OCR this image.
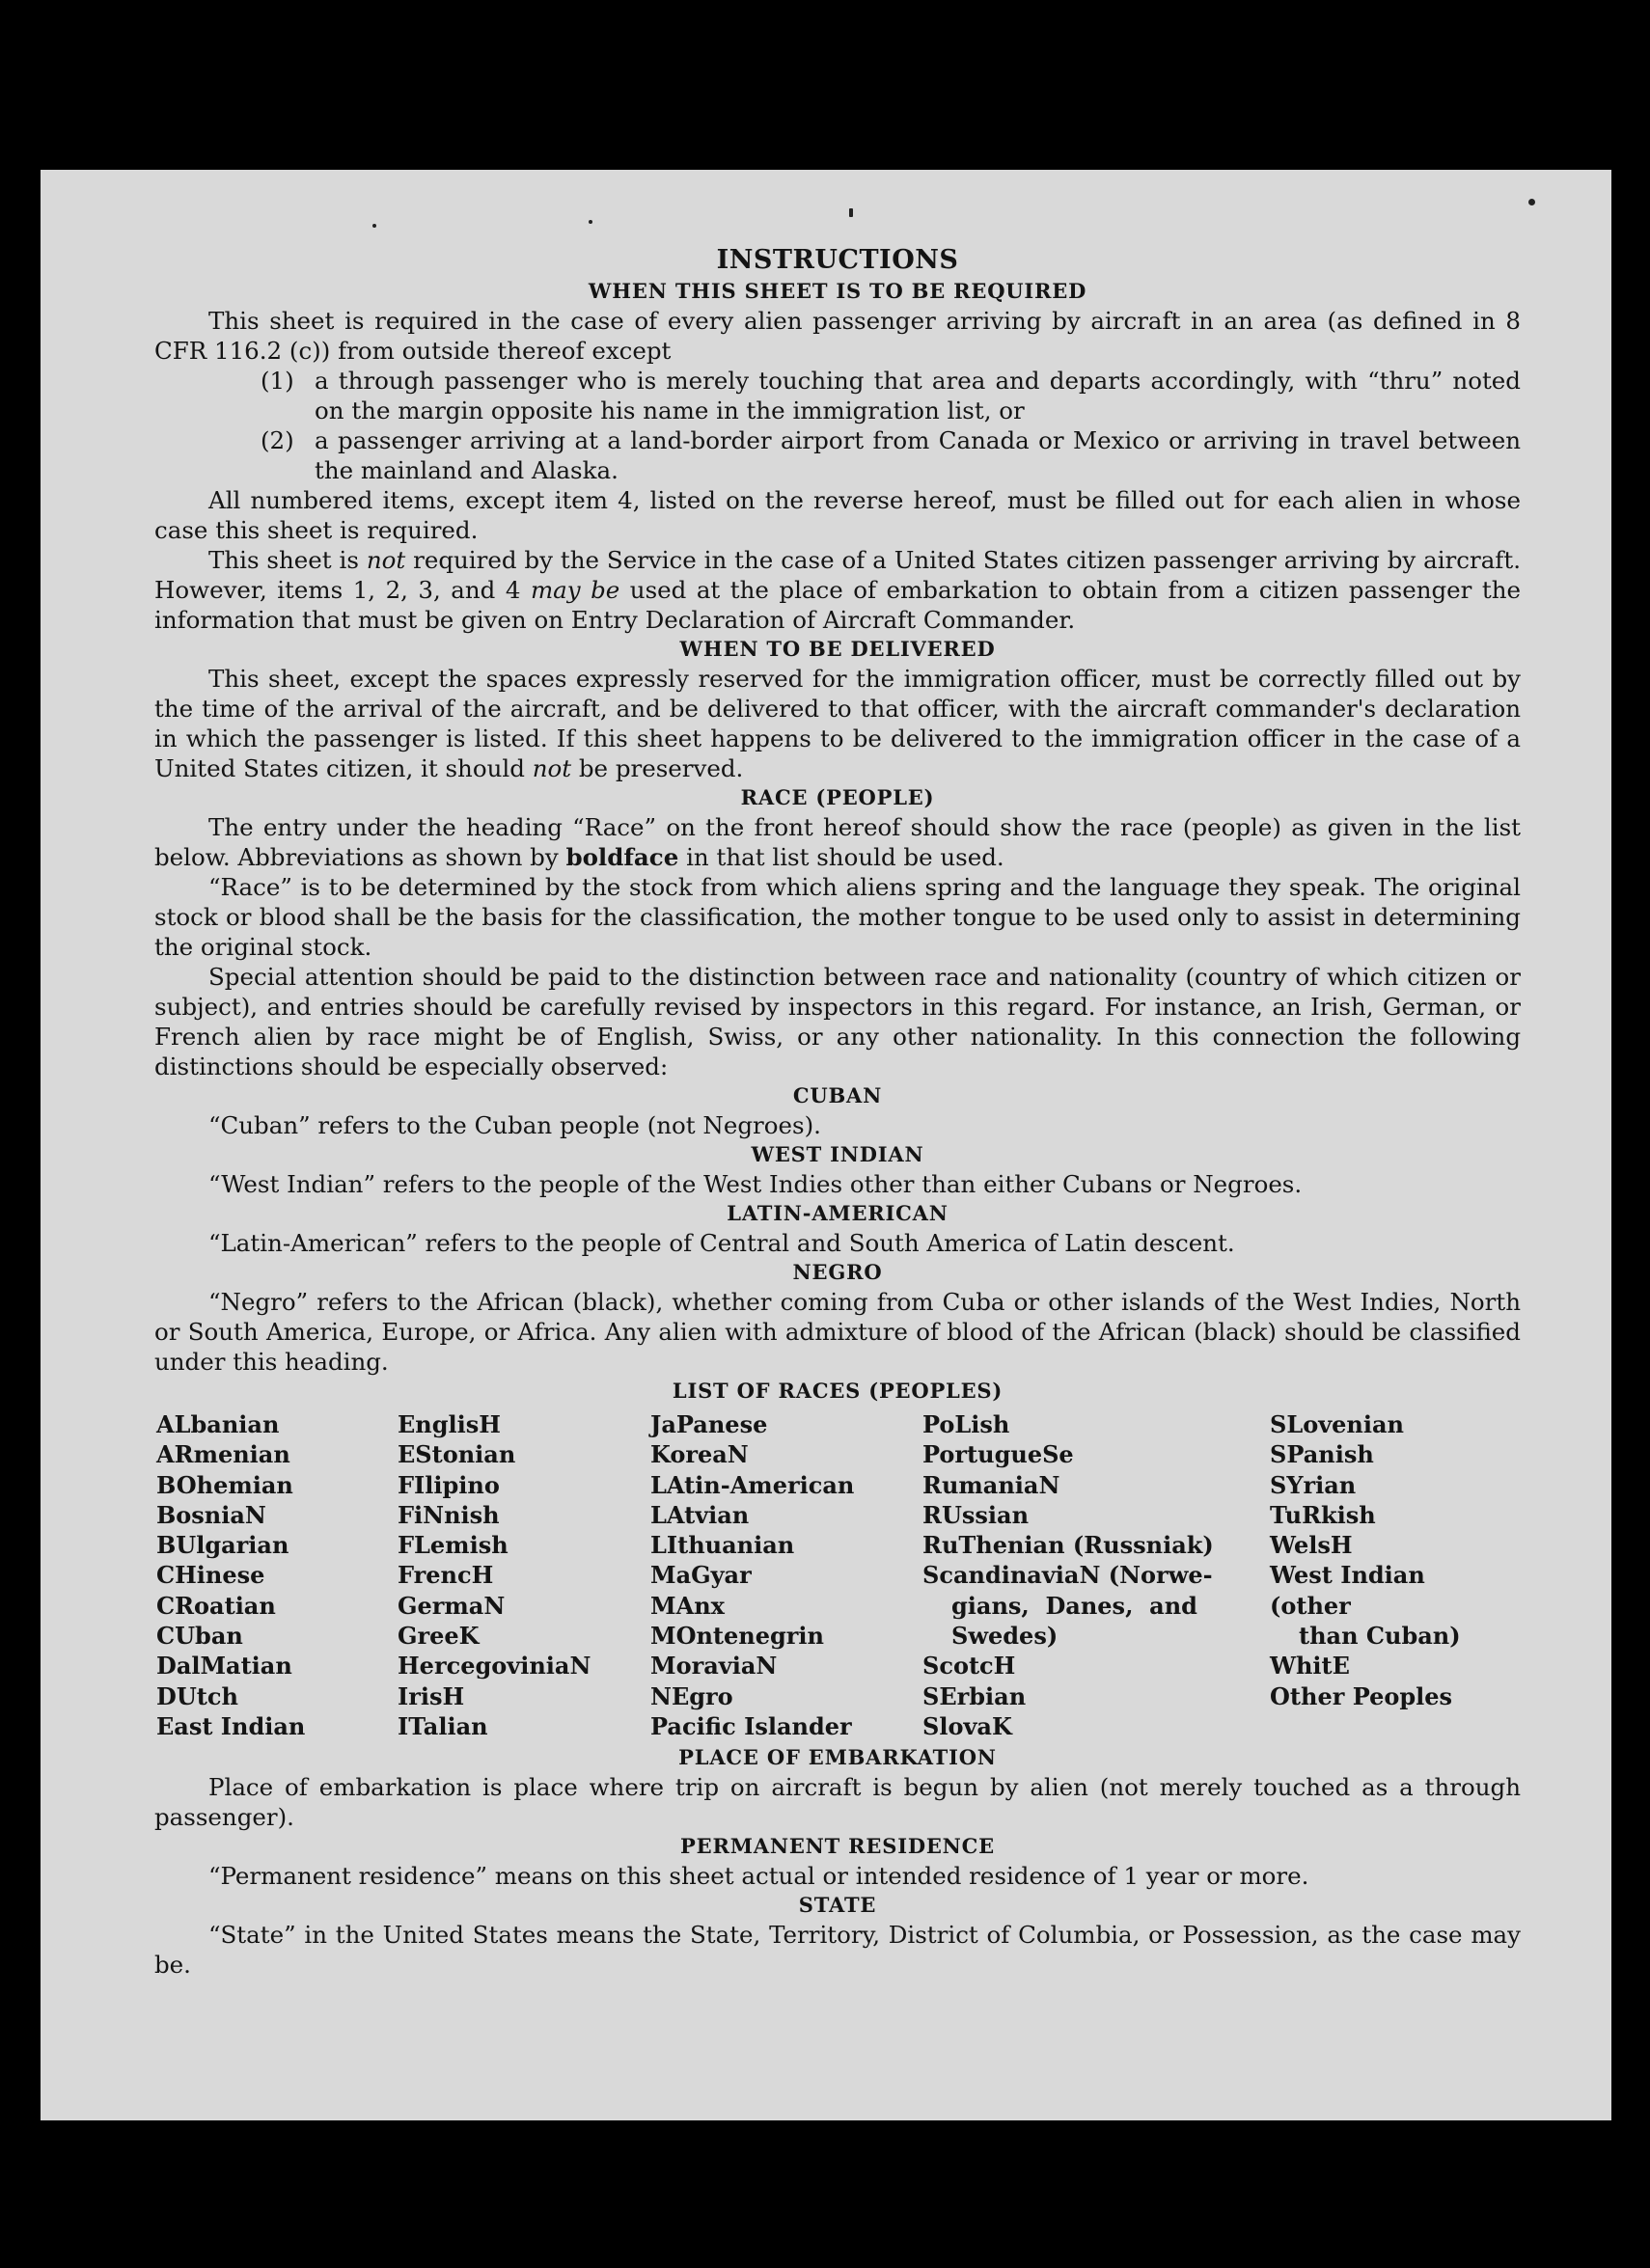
INSTRUCTIONS
WHEN THIS SHEET IS TO BE REQUIRED

This sheet is required in the case of every alien passenger arriving by aircraft in an area (as defined in 8 CFR 116.2 (c)) from outside thereof except

(1) a through passenger who is merely touching that area and departs accordingly, with “thru” noted on the margin opposite his name in the immigration list, or
(2) a passenger arriving at a land-border airport from Canada or Mexico or arriving in travel between the mainland and Alaska.

All numbered items, except item 4, listed on the reverse hereof, must be filled out for each alien in whose case this sheet is required.

This sheet is not required by the Service in the case of a United States citizen passenger arriving by aircraft. However, items 1, 2, 3, and 4 may be used at the place of embarkation to obtain from a citizen passenger the information that must be given on Entry Declaration of Aircraft Commander.

WHEN TO BE DELIVERED

This sheet, except the spaces expressly reserved for the immigration officer, must be correctly filled out by the time of the arrival of the aircraft, and be delivered to that officer, with the aircraft commander's declaration in which the passenger is listed. If this sheet happens to be delivered to the immigration officer in the case of a United States citizen, it should not be preserved.

RACE (PEOPLE)

The entry under the heading “Race” on the front hereof should show the race (people) as given in the list below. Abbreviations as shown by boldface in that list should be used.

“Race” is to be determined by the stock from which aliens spring and the language they speak. The original stock or blood shall be the basis for the classification, the mother tongue to be used only to assist in determining the original stock.

Special attention should be paid to the distinction between race and nationality (country of which citizen or subject), and entries should be carefully revised by inspectors in this regard. For instance, an Irish, German, or French alien by race might be of English, Swiss, or any other nationality. In this connection the following distinctions should be especially observed:

CUBAN

“Cuban” refers to the Cuban people (not Negroes).

WEST INDIAN

“West Indian” refers to the people of the West Indies other than either Cubans or Negroes.

LATIN-AMERICAN

“Latin-American” refers to the people of Central and South America of Latin descent.

NEGRO

“Negro” refers to the African (black), whether coming from Cuba or other islands of the West Indies, North or South America, Europe, or Africa. Any alien with admixture of blood of the African (black) should be classified under this heading.

LIST OF RACES (PEOPLES)
ALbanian
ARmenian
BOhemian
BosniaN
BUlgarian
CHinese
CRoatian
CUban
DalMatian
DUtch
East Indian
EnglisH
EStonian
FIlipino
FiNnish
FLemish
FrencH
GermaN
GreeK
HercegoviniaN
IrisH
ITalian
JaPanese
KoreaN
LAtin-American
LAtvian
LIthuanian
MaGyar
MAnx
MOntenegrin
MoraviaN
NEgro
Pacific Islander
PoLish
PortugueSe
RumaniaN
RUssian
RuThenian (Russniak)
ScandinaviaN (Norwe-
gians,  Danes,  and
Swedes)
ScotcH
SErbian
SlovaK
SLovenian
SPanish
SYrian
TuRkish
WelsH
West Indian  (other
than Cuban)
WhitE
Other Peoples
PLACE OF EMBARKATION

Place of embarkation is place where trip on aircraft is begun by alien (not merely touched as a through passenger).

PERMANENT RESIDENCE

“Permanent residence” means on this sheet actual or intended residence of 1 year or more.

STATE

“State” in the United States means the State, Territory, District of Columbia, or Possession, as the case may be.
